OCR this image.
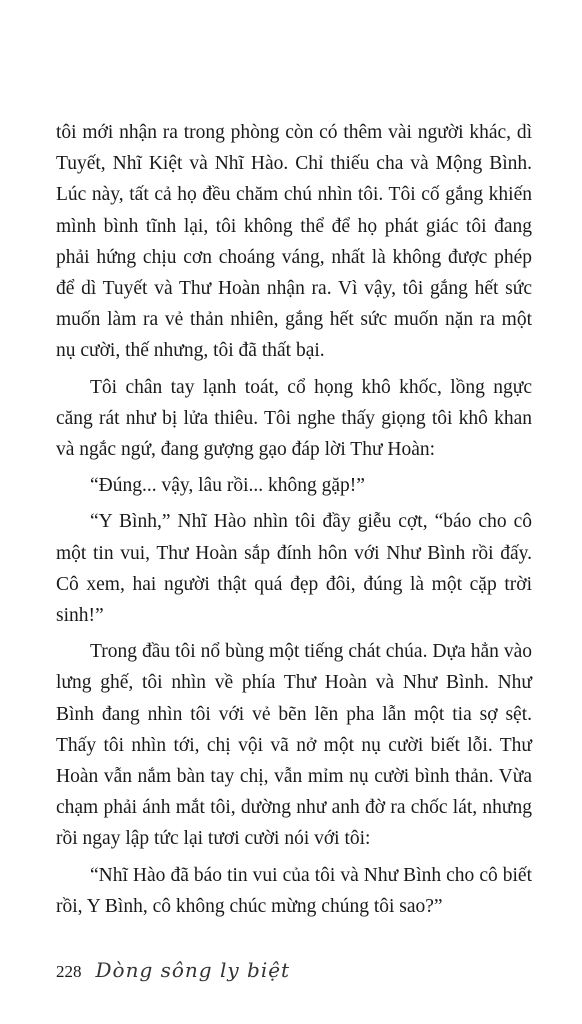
tôi mới nhận ra trong phòng còn có thêm vài người khác, dì Tuyết, Nhĩ Kiệt và Nhĩ Hào. Chỉ thiếu cha và Mộng Bình. Lúc này, tất cả họ đều chăm chú nhìn tôi. Tôi cố gắng khiến mình bình tĩnh lại, tôi không thể để họ phát giác tôi đang phải hứng chịu cơn choáng váng, nhất là không được phép để dì Tuyết và Thư Hoàn nhận ra. Vì vậy, tôi gắng hết sức muốn làm ra vẻ thản nhiên, gắng hết sức muốn nặn ra một nụ cười, thế nhưng, tôi đã thất bại.

Tôi chân tay lạnh toát, cổ họng khô khốc, lồng ngực căng rát như bị lửa thiêu. Tôi nghe thấy giọng tôi khô khan và ngắc ngứ, đang gượng gạo đáp lời Thư Hoàn:

“Đúng... vậy, lâu rồi... không gặp!”

“Y Bình,” Nhĩ Hào nhìn tôi đầy giễu cợt, “báo cho cô một tin vui, Thư Hoàn sắp đính hôn với Như Bình rồi đấy. Cô xem, hai người thật quá đẹp đôi, đúng là một cặp trời sinh!”

Trong đầu tôi nổ bùng một tiếng chát chúa. Dựa hẳn vào lưng ghế, tôi nhìn về phía Thư Hoàn và Như Bình. Như Bình đang nhìn tôi với vẻ bẽn lẽn pha lẫn một tia sợ sệt. Thấy tôi nhìn tới, chị vội vã nở một nụ cười biết lỗi. Thư Hoàn vẫn nắm bàn tay chị, vẫn mỉm nụ cười bình thản. Vừa chạm phải ánh mắt tôi, dường như anh đờ ra chốc lát, nhưng rồi ngay lập tức lại tươi cười nói với tôi:

“Nhĩ Hào đã báo tin vui của tôi và Như Bình cho cô biết rồi, Y Bình, cô không chúc mừng chúng tôi sao?”

228 Dòng sông ly biệt
